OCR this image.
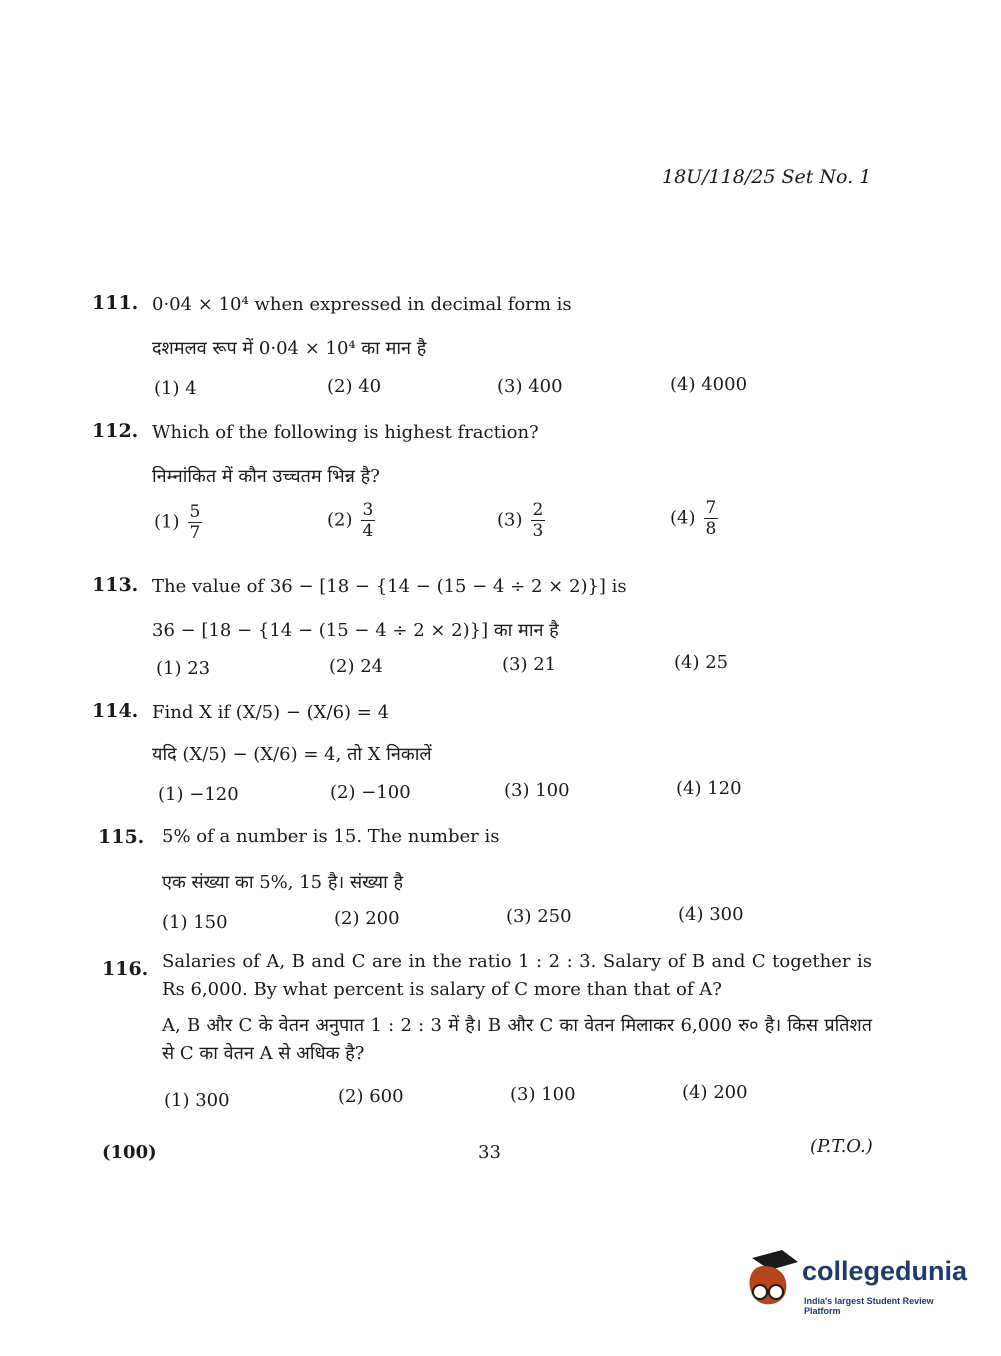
18U/118/25 Set No. 1
111. 0·04 × 10⁴ when expressed in decimal form is
दशमलव रूप में 0·04 × 10⁴ का मान है
(1) 4	(2) 40	(3) 400	(4) 4000
112. Which of the following is highest fraction?
निम्नांकित में कौन उच्चतम भिन्न है?
$(1) \frac{5}{7}$	$(2) \frac{3}{4}$	$(3) \frac{2}{3}$	$(4) \frac{7}{8}$
113. The value of 36 − [18 − {14 − (15 − 4 ÷ 2 × 2)}] is
36 − [18 − {14 − (15 − 4 ÷ 2 × 2)}] का मान है
(1) 23	(2) 24	(3) 21	(4) 25
114. Find X if (X/5) − (X/6) = 4
यदि (X/5) − (X/6) = 4, तो X निकालें
(1) −120	(2) −100	(3) 100	(4) 120
115. 5% of a number is 15. The number is
एक संख्या का 5%, 15 है। संख्या है
(1) 150	(2) 200	(3) 250	(4) 300
116. Salaries of A, B and C are in the ratio 1 : 2 : 3. Salary of B and C together is Rs 6,000. By what percent is salary of C more than that of A?
A, B और C के वेतन अनुपात 1 : 2 : 3 में है। B और C का वेतन मिलाकर 6,000 रु० है। किस प्रतिशत से C का वेतन A से अधिक है?
(1) 300	(2) 600	(3) 100	(4) 200
(100)	33	(P.T.O.)
collegedunia
India's largest Student Review Platform
